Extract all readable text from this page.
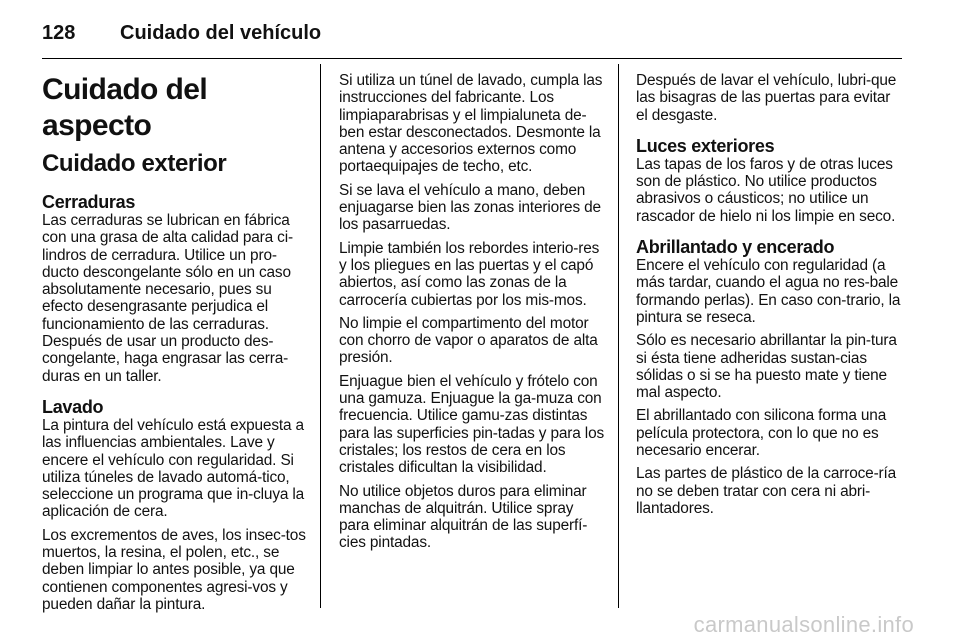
128	Cuidado del vehículo
Cuidado del aspecto
Cuidado exterior
Cerraduras

Las cerraduras se lubrican en fábrica con una grasa de alta calidad para ci-lindros de cerradura. Utilice un pro-ducto descongelante sólo en un caso absolutamente necesario, pues su efecto desengrasante perjudica el funcionamiento de las cerraduras. Después de usar un producto des-congelante, haga engrasar las cerra-duras en un taller.

Lavado

La pintura del vehículo está expuesta a las influencias ambientales. Lave y encere el vehículo con regularidad. Si utiliza túneles de lavado automá-tico, seleccione un programa que in-cluya la aplicación de cera.

Los excrementos de aves, los insec-tos muertos, la resina, el polen, etc., se deben limpiar lo antes posible, ya que contienen componentes agresi-vos y pueden dañar la pintura.

Si utiliza un túnel de lavado, cumpla las instrucciones del fabricante. Los limpiaparabrisas y el limpialuneta de-ben estar desconectados. Desmonte la antena y accesorios externos como portaequipajes de techo, etc.

Si se lava el vehículo a mano, deben enjuagarse bien las zonas interiores de los pasarruedas.

Limpie también los rebordes interio-res y los pliegues en las puertas y el capó abiertos, así como las zonas de la carrocería cubiertas por los mis-mos.

No limpie el compartimento del motor con chorro de vapor o aparatos de alta presión.

Enjuague bien el vehículo y frótelo con una gamuza. Enjuague la ga-muza con frecuencia. Utilice gamu-zas distintas para las superficies pin-tadas y para los cristales; los restos de cera en los cristales dificultan la visibilidad.

No utilice objetos duros para eliminar manchas de alquitrán. Utilice spray para eliminar alquitrán de las superfí-cies pintadas.

Después de lavar el vehículo, lubri-que las bisagras de las puertas para evitar el desgaste.

Luces exteriores

Las tapas de los faros y de otras luces son de plástico. No utilice productos abrasivos o cáusticos; no utilice un rascador de hielo ni los limpie en seco.

Abrillantado y encerado

Encere el vehículo con regularidad (a más tardar, cuando el agua no res-bale formando perlas). En caso con-trario, la pintura se reseca.

Sólo es necesario abrillantar la pin-tura si ésta tiene adheridas sustan-cias sólidas o si se ha puesto mate y tiene mal aspecto.

El abrillantado con silicona forma una película protectora, con lo que no es necesario encerar.

Las partes de plástico de la carroce-ría no se deben tratar con cera ni abri-llantadores.

carmanualsonline.info
